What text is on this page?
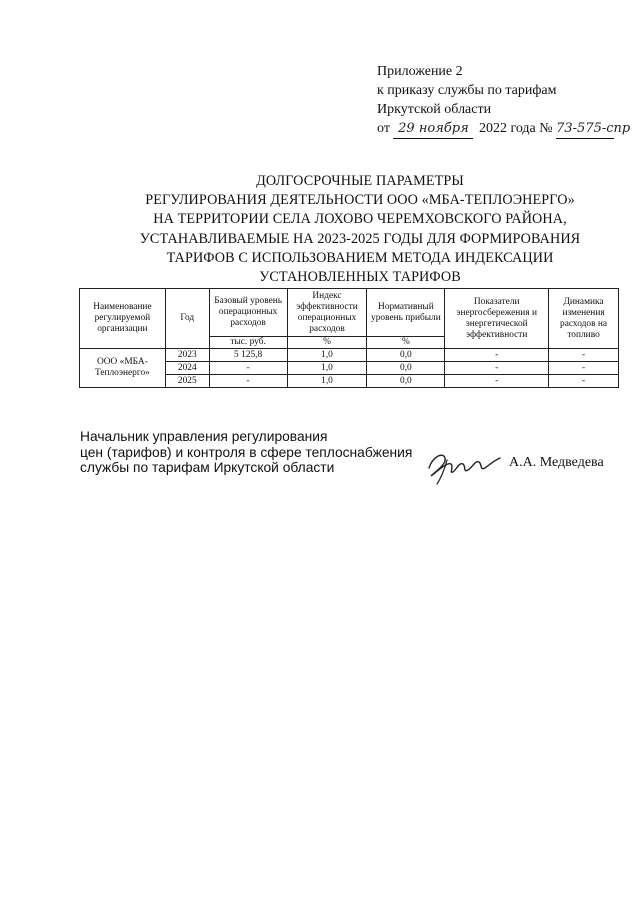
Приложение 2
к приказу службы по тарифам
Иркутской области
от 29 ноября 2022 года № 73-575-спр
ДОЛГОСРОЧНЫЕ ПАРАМЕТРЫ
РЕГУЛИРОВАНИЯ ДЕЯТЕЛЬНОСТИ ООО «МБА-ТЕПЛОЭНЕРГО»
НА ТЕРРИТОРИИ СЕЛА ЛОХОВО ЧЕРЕМХОВСКОГО РАЙОНА,
УСТАНАВЛИВАЕМЫЕ НА 2023-2025 ГОДЫ ДЛЯ ФОРМИРОВАНИЯ
ТАРИФОВ С ИСПОЛЬЗОВАНИЕМ МЕТОДА ИНДЕКСАЦИИ
УСТАНОВЛЕННЫХ ТАРИФОВ
Наименование регулируемой организации	Год	Базовый уровень операционных расходов	Индекс эффективности операционных расходов	Нормативный уровень прибыли	Показатели энергосбережения и энергетической эффективности	Динамика изменения расходов на топливо
		тыс. руб.	%	%		
ООО «МБА-Теплоэнерго»	2023	5 125,8	1,0	0,0	-	-
	2024	-	1,0	0,0	-	-
	2025	-	1,0	0,0	-	-
Начальник управления регулирования
цен (тарифов) и контроля в сфере теплоснабжения
службы по тарифам Иркутской области	А.А. Медведева
